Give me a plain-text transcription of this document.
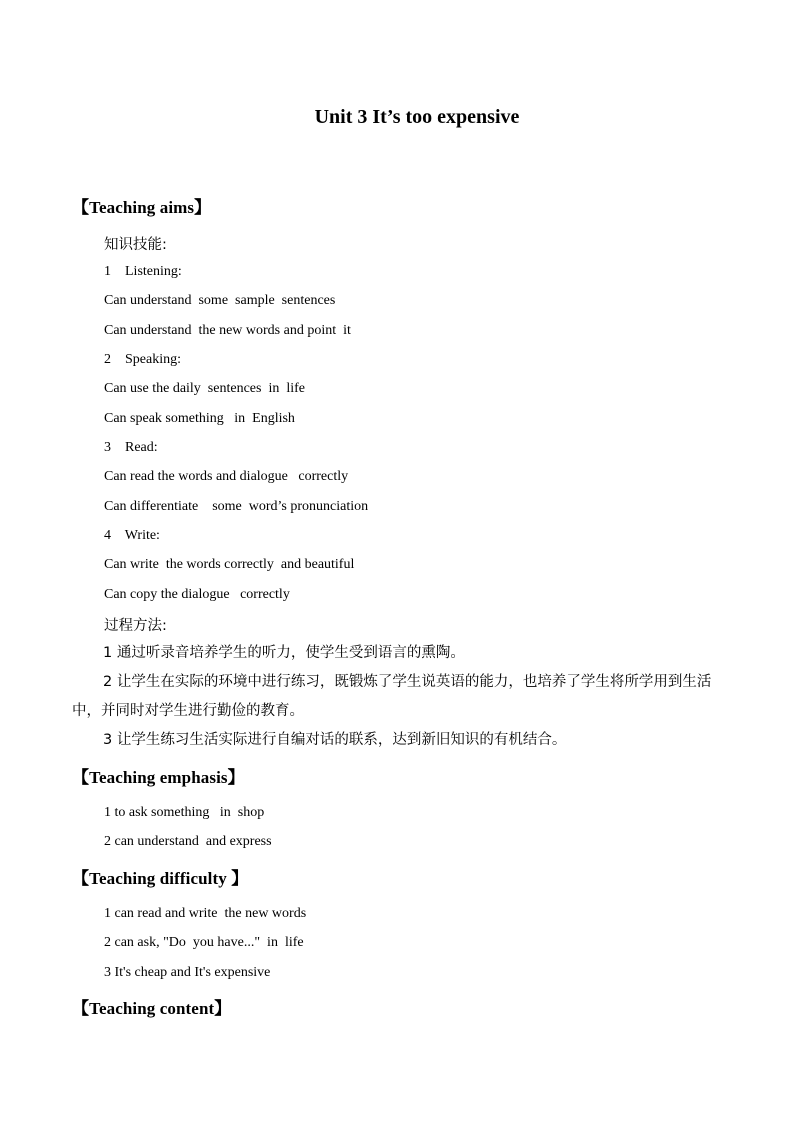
Unit 3 It’s too expensive
【Teaching aims】
知识技能:
1    Listening:
Can understand  some  sample  sentences
Can understand  the new words and point  it
2    Speaking:
Can use the daily  sentences  in  life
Can speak something   in  English
3    Read:
Can read the words and dialogue   correctly
Can differentiate    some  word’s pronunciation
4    Write:
Can write  the words correctly  and beautiful
Can copy the dialogue   correctly
过程方法:
1 通过听录音培养学生的听力，使学生受到语言的熏陶。
2 让学生在实际的环境中进行练习，既锻炼了学生说英语的能力，也培养了学生将所学用到生活中，并同时对学生进行勤俭的教育。
3 让学生练习生活实际进行自编对话的联系，达到新旧知识的有机结合。
【Teaching emphasis】
1 to ask something   in  shop
2 can understand  and express
【Teaching difficulty 】
1 can read and write  the new words
2 can ask, "Do  you have..."  in  life
3 It's cheap and It's expensive
【Teaching content】
